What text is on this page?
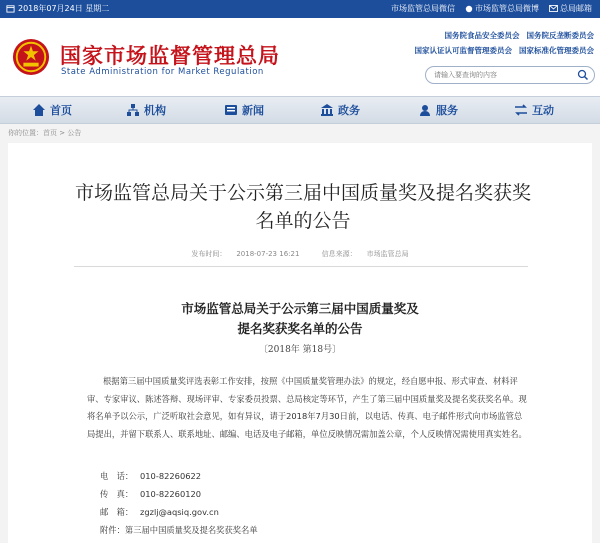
2018年07月24日 星期二	市场监管总局微信	市场监管总局微博	总局邮箱
国家市场监督管理总局
State Administration for Market Regulation
国务院食品安全委员会 国务院反垄断委员会
国家认证认可监督管理委员会 国家标准化管理委员会
请输入要查询的内容
首页	机构	新闻	政务	服务	互动
你的位置：首页 > 公告
市场监管总局关于公示第三届中国质量奖及提名奖获奖名单的公告
发布时间： 2018-07-23 16:21	信息来源： 市场监管总局
市场监管总局关于公示第三届中国质量奖及
提名奖获奖名单的公告
〔2018年 第18号〕
根据第三届中国质量奖评选表彰工作安排，按照《中国质量奖管理办法》的规定，经自愿申报、形式审查、材料评审、专家审议、陈述答辩、现场评审、专家委员投票、总局核定等环节，产生了第三届中国质量奖及提名奖获奖名单。现将名单予以公示，广泛听取社会意见，如有异议，请于2018年7月30日前，以电话、传真、电子邮件形式向市场监管总局提出，并留下联系人、联系地址、邮编、电话及电子邮箱，单位反映情况需加盖公章，个人反映情况需使用真实姓名。
电　话： 010-82260622
传　真： 010-82260120
邮　箱： zgzlj@aqsiq.gov.cn
附件：第三届中国质量奖及提名奖获奖名单
